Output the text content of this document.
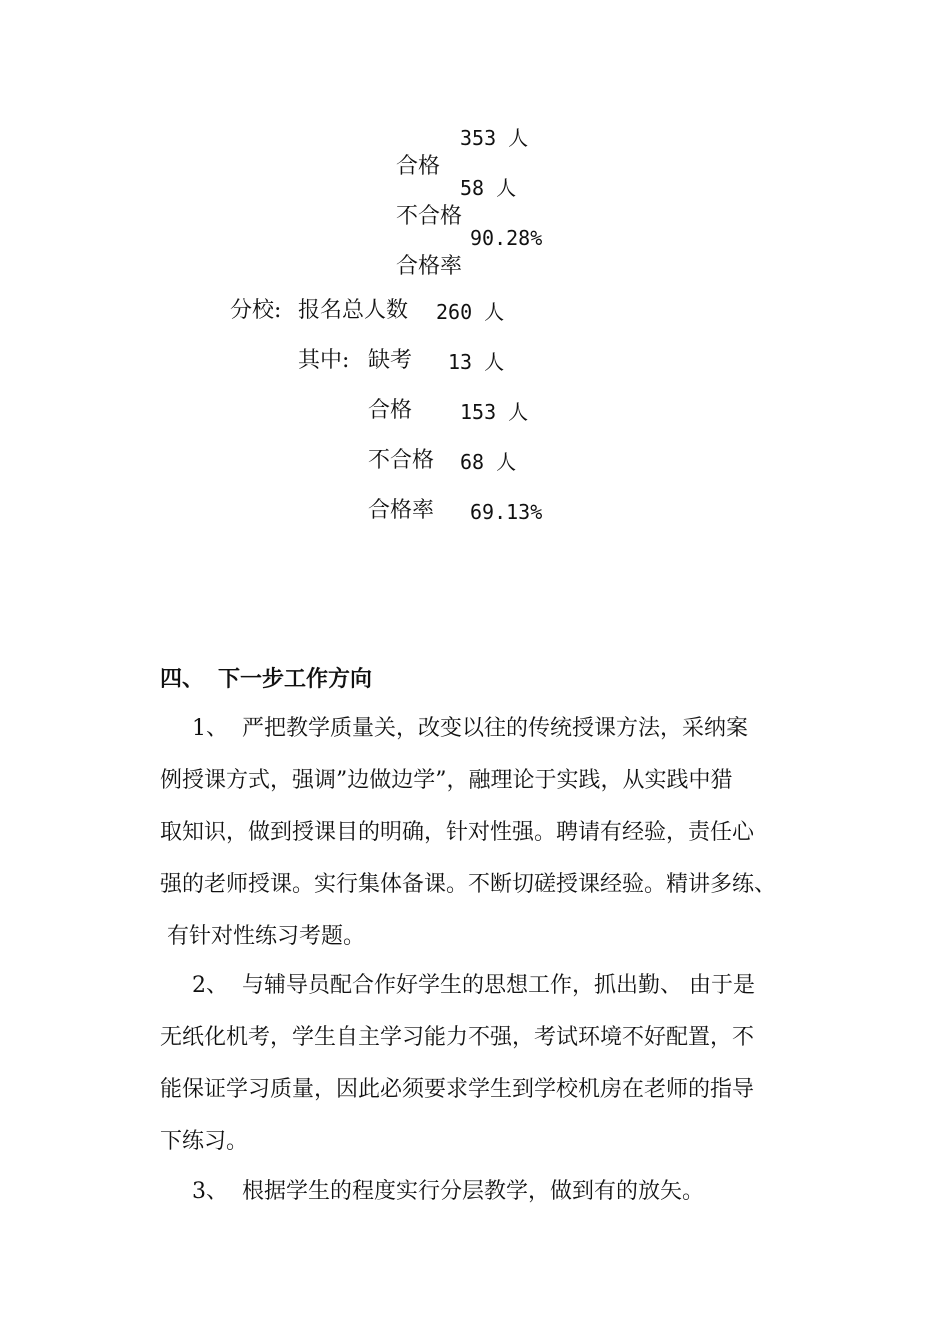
合格

353 人

不合格

58 人

合格率

90.28%
分校: 报名总人数 260 人
其中: 缺考 13 人
合格 153 人
不合格 68 人
合格率 69.13%
四、 下一步工作方向
1、  严把教学质量关，改变以往的传统授课方法，采纳案
例授课方式，强调”边做边学”，融理论于实践，从实践中猎
取知识，做到授课目的明确，针对性强。聘请有经验，责任心
强的老师授课。实行集体备课。不断切磋授课经验。精讲多练、
有针对性练习考题。
2、  与辅导员配合作好学生的思想工作，抓出勤、 由于是
无纸化机考，学生自主学习能力不强，考试环境不好配置，不
能保证学习质量，因此必须要求学生到学校机房在老师的指导
下练习。
3、  根据学生的程度实行分层教学，做到有的放矢。
